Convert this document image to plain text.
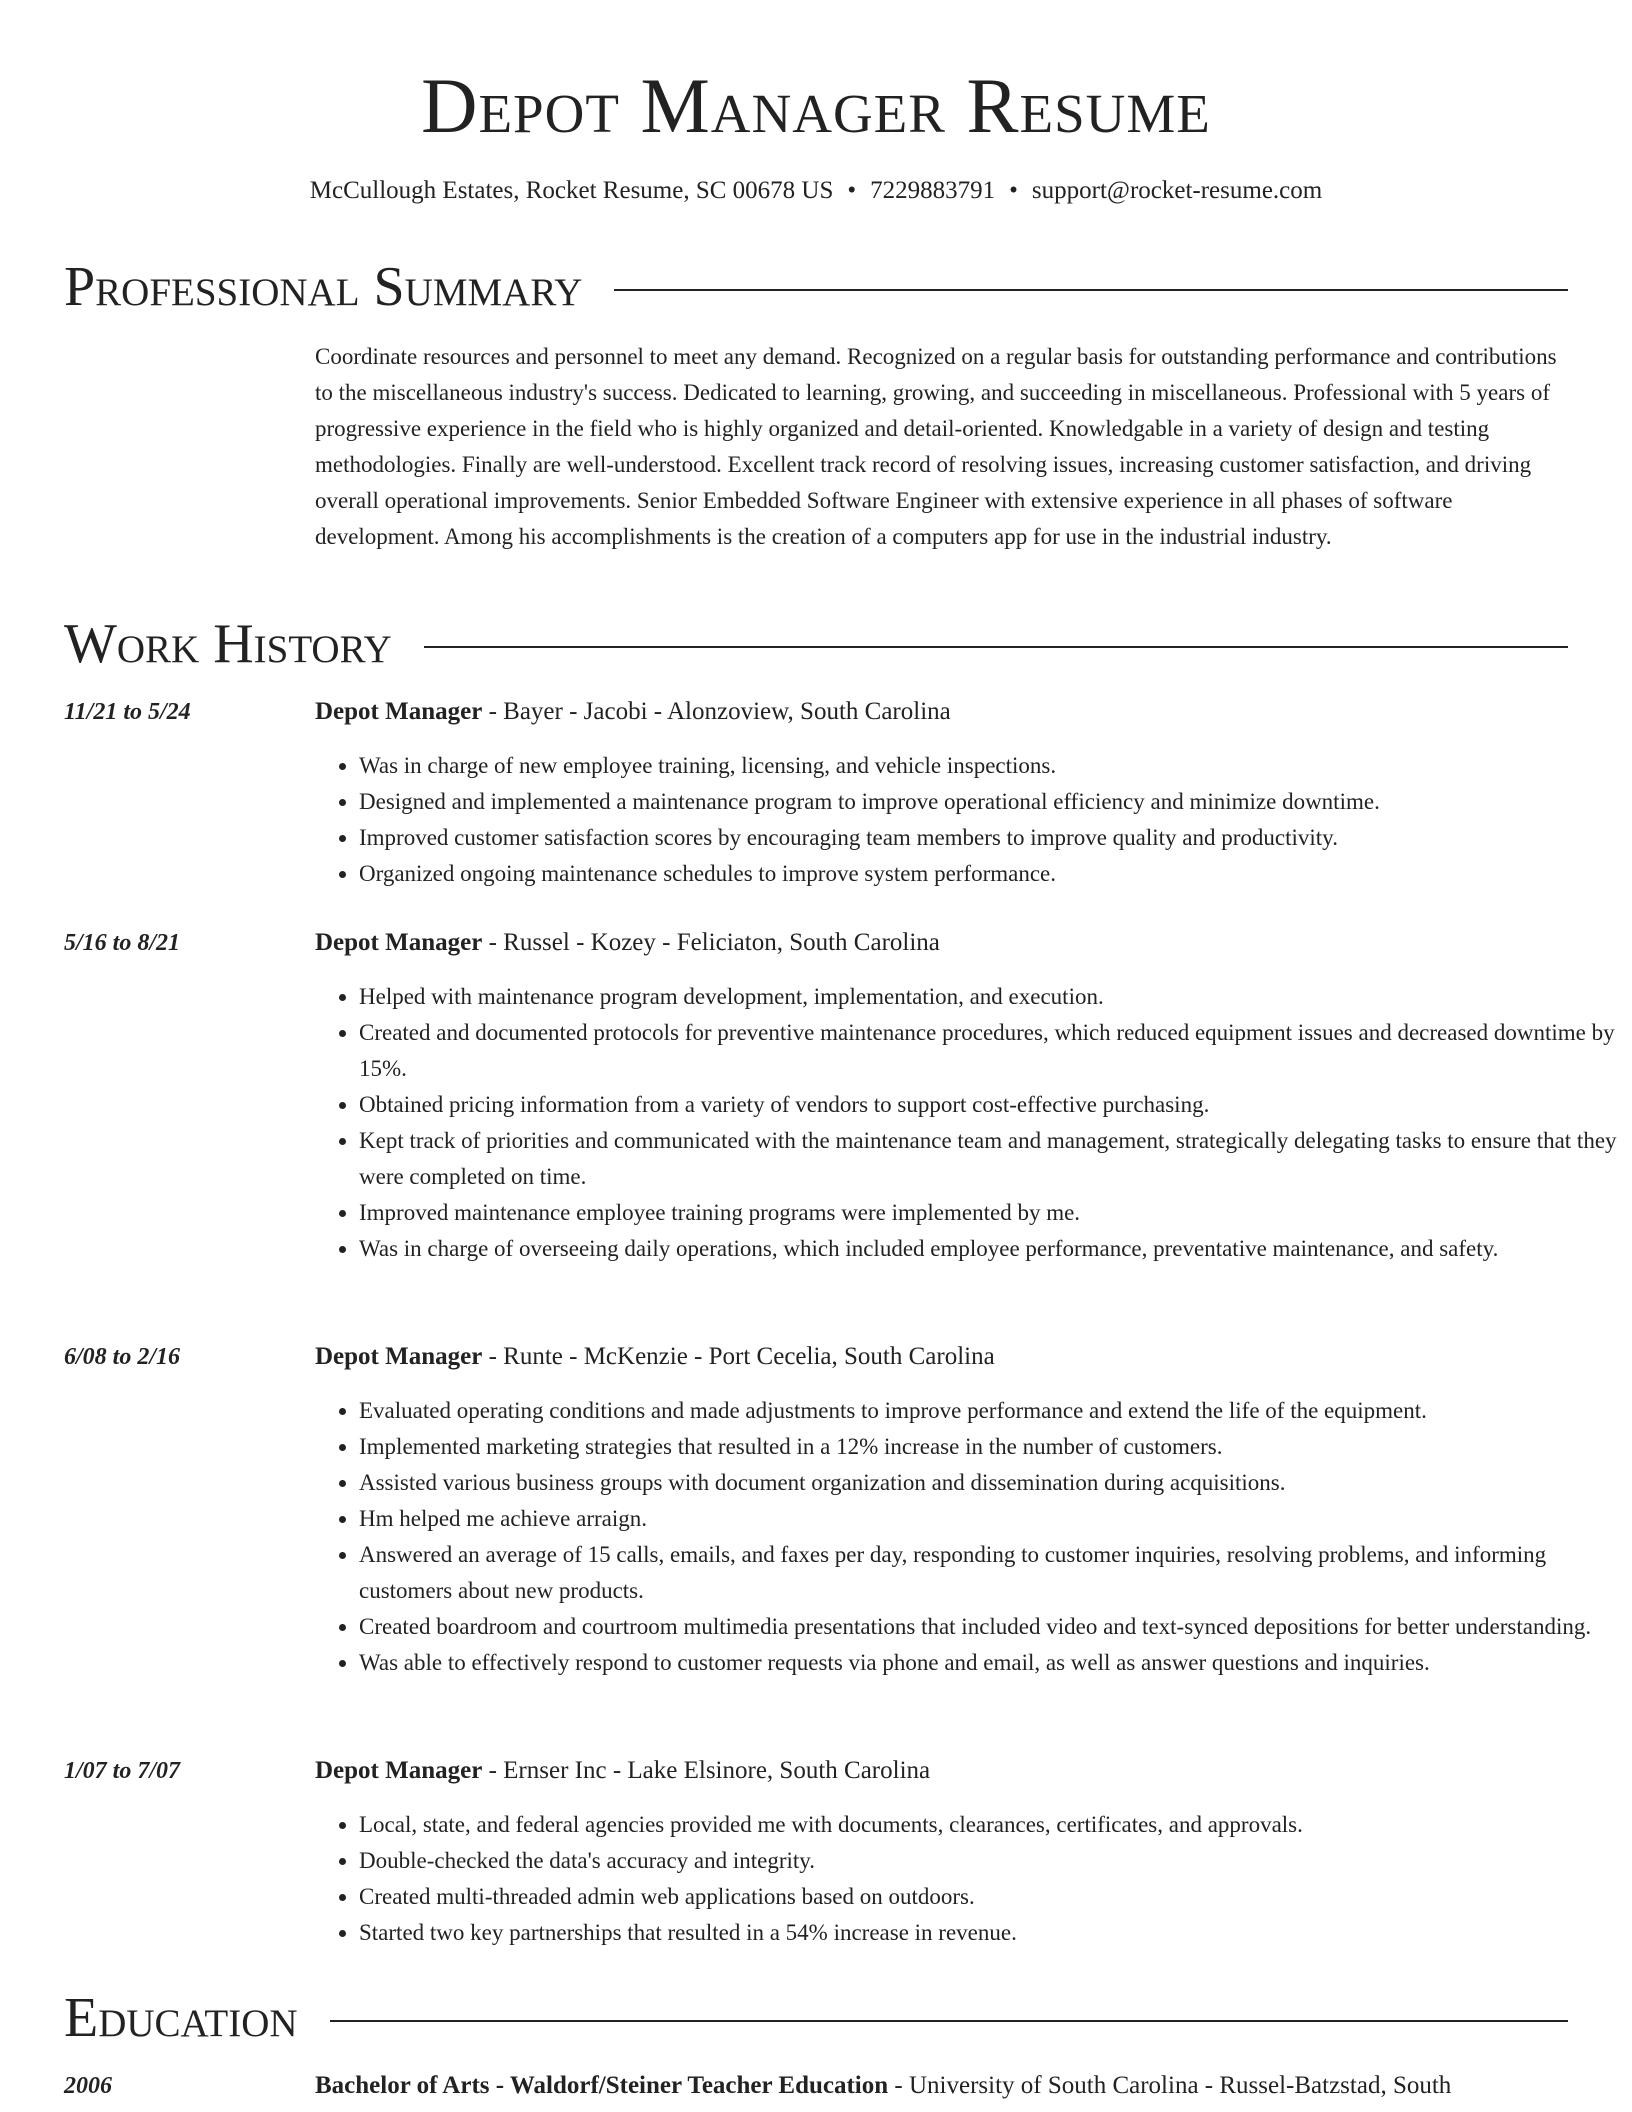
Depot Manager Resume
McCullough Estates, Rocket Resume, SC 00678 US • 7229883791 • support@rocket-resume.com
Professional Summary

Coordinate resources and personnel to meet any demand. Recognized on a regular basis for outstanding performance and contributions to the miscellaneous industry's success. Dedicated to learning, growing, and succeeding in miscellaneous. Professional with 5 years of progressive experience in the field who is highly organized and detail-oriented. Knowledgable in a variety of design and testing methodologies. Finally are well-understood. Excellent track record of resolving issues, increasing customer satisfaction, and driving overall operational improvements. Senior Embedded Software Engineer with extensive experience in all phases of software development. Among his accomplishments is the creation of a computers app for use in the industrial industry.

Work History
11/21 to 5/24	Depot Manager - Bayer - Jacobi - Alonzoview, South Carolina
• Was in charge of new employee training, licensing, and vehicle inspections.
• Designed and implemented a maintenance program to improve operational efficiency and minimize downtime.
• Improved customer satisfaction scores by encouraging team members to improve quality and productivity.
• Organized ongoing maintenance schedules to improve system performance.
5/16 to 8/21	Depot Manager - Russel - Kozey - Feliciaton, South Carolina
• Helped with maintenance program development, implementation, and execution.
• Created and documented protocols for preventive maintenance procedures, which reduced equipment issues and decreased downtime by 15%.
• Obtained pricing information from a variety of vendors to support cost-effective purchasing.
• Kept track of priorities and communicated with the maintenance team and management, strategically delegating tasks to ensure that they were completed on time.
• Improved maintenance employee training programs were implemented by me.
• Was in charge of overseeing daily operations, which included employee performance, preventative maintenance, and safety.
6/08 to 2/16	Depot Manager - Runte - McKenzie - Port Cecelia, South Carolina
• Evaluated operating conditions and made adjustments to improve performance and extend the life of the equipment.
• Implemented marketing strategies that resulted in a 12% increase in the number of customers.
• Assisted various business groups with document organization and dissemination during acquisitions.
• Hm helped me achieve arraign.
• Answered an average of 15 calls, emails, and faxes per day, responding to customer inquiries, resolving problems, and informing customers about new products.
• Created boardroom and courtroom multimedia presentations that included video and text-synced depositions for better understanding.
• Was able to effectively respond to customer requests via phone and email, as well as answer questions and inquiries.
1/07 to 7/07	Depot Manager - Ernser Inc - Lake Elsinore, South Carolina
• Local, state, and federal agencies provided me with documents, clearances, certificates, and approvals.
• Double-checked the data's accuracy and integrity.
• Created multi-threaded admin web applications based on outdoors.
• Started two key partnerships that resulted in a 54% increase in revenue.
Education
2006	Bachelor of Arts - Waldorf/Steiner Teacher Education - University of South Carolina - Russel-Batzstad, South
